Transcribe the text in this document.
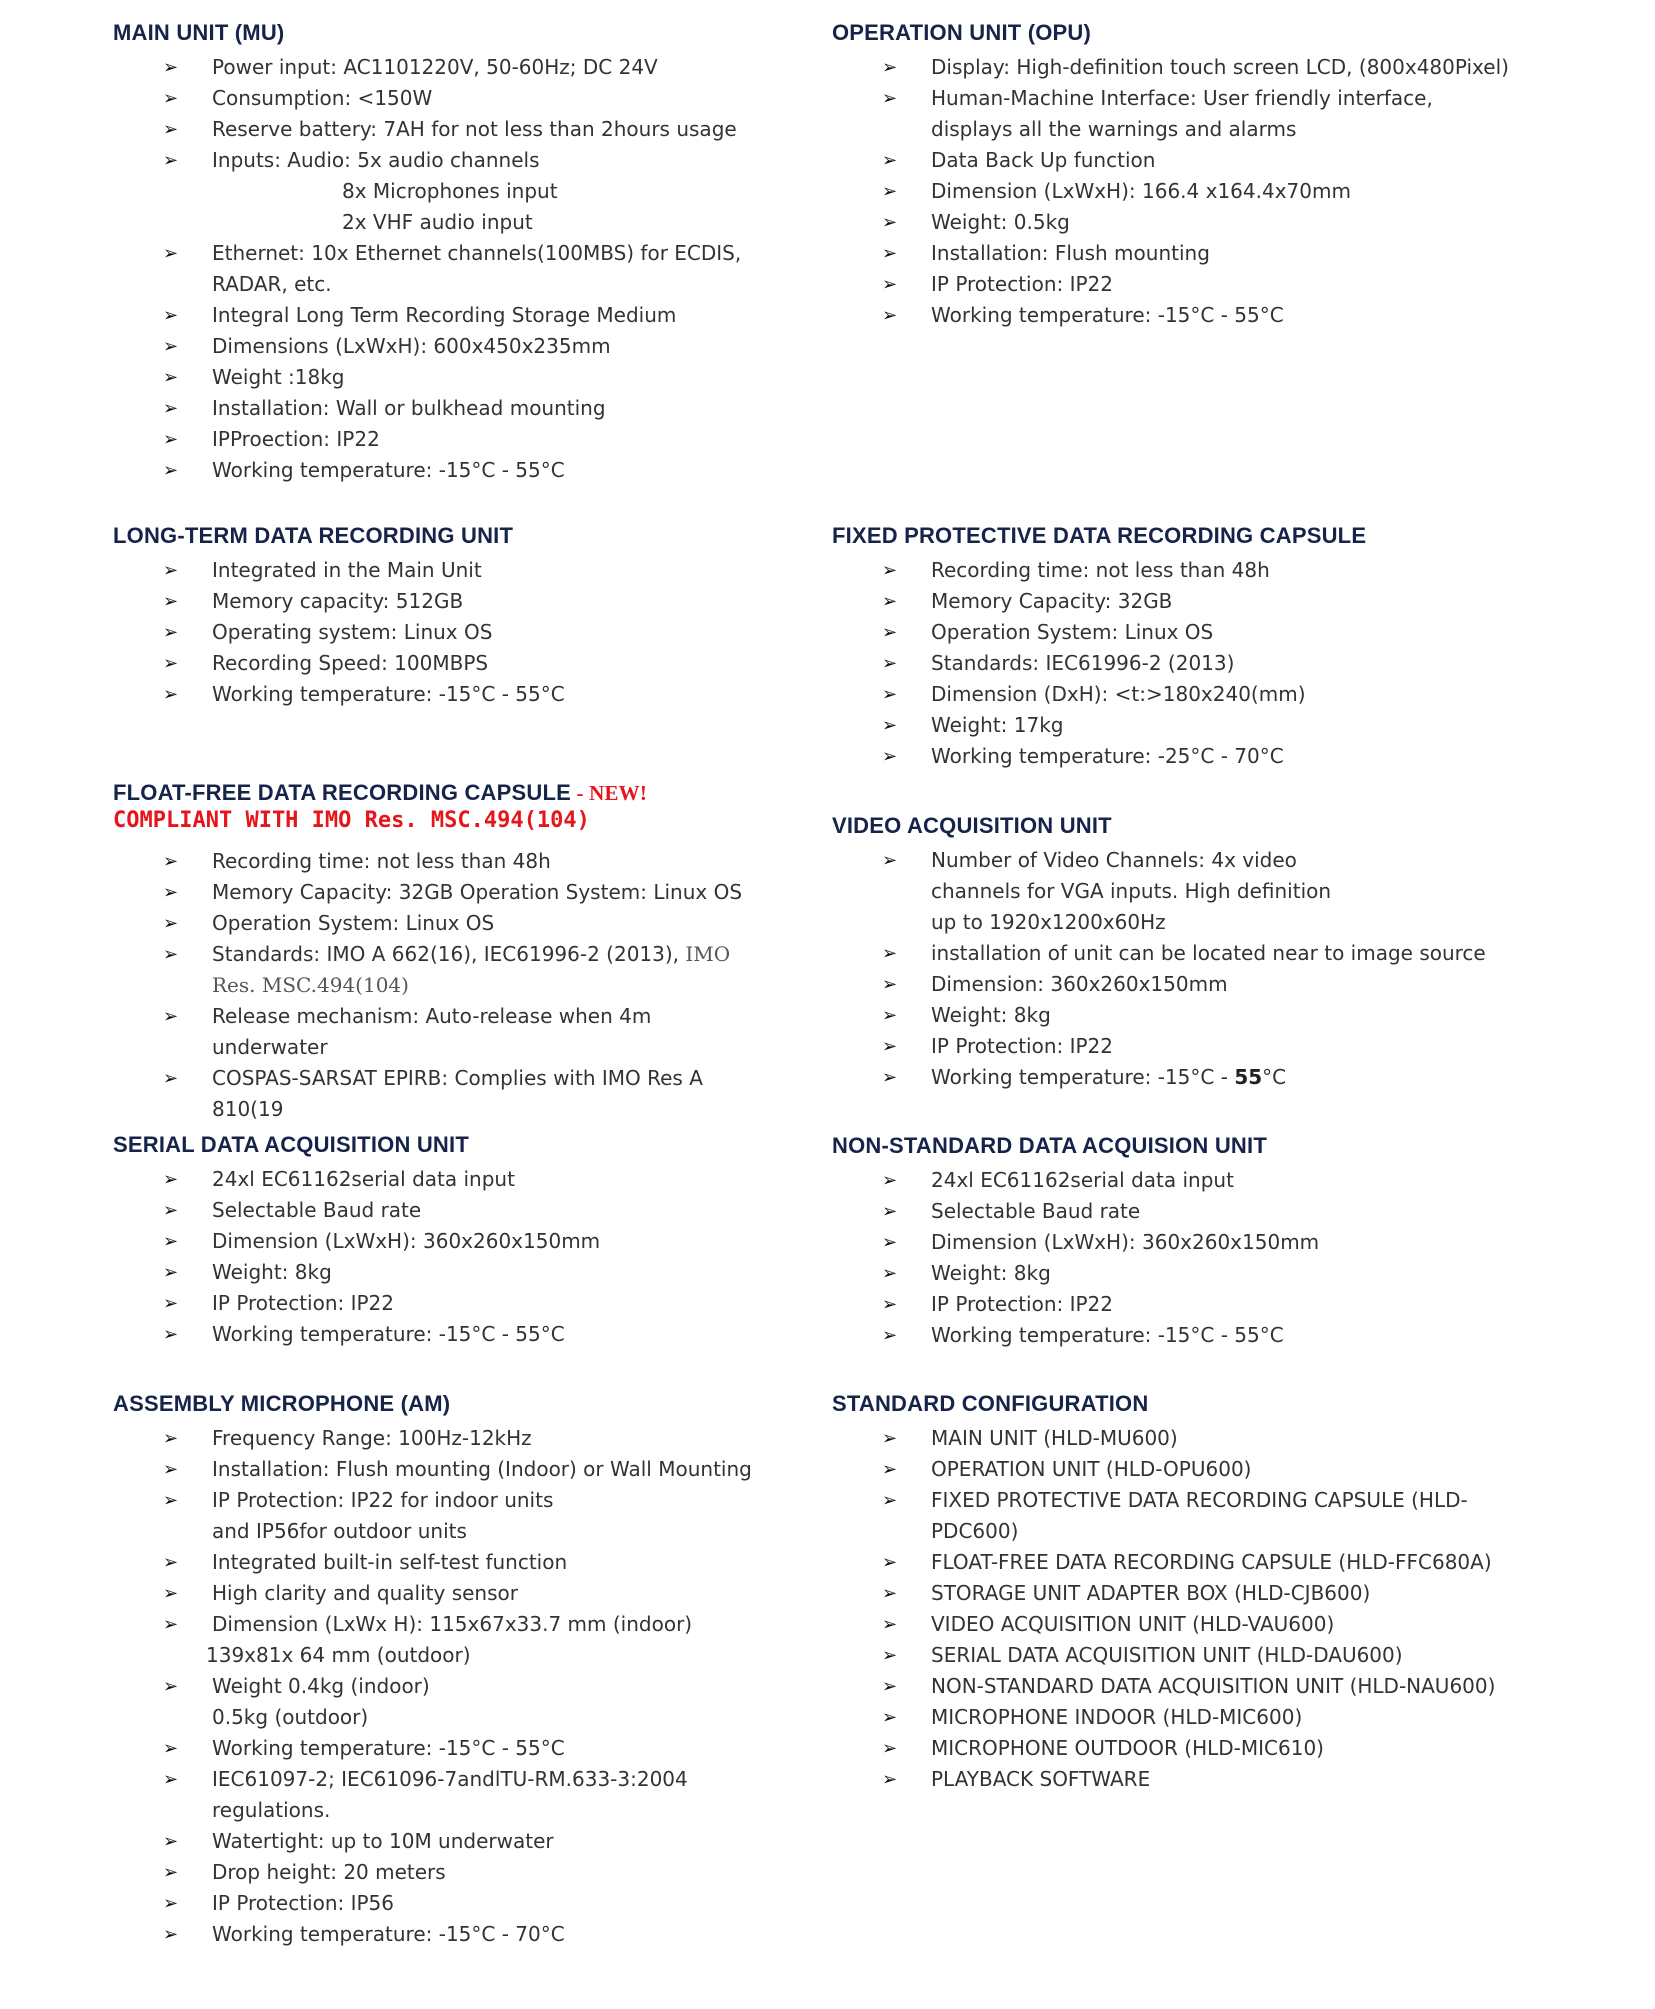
MAIN UNIT (MU)
➢ Power input: AC1101220V, 50-60Hz; DC 24V
➢ Consumption: <150W
➢ Reserve battery: 7AH for not less than 2hours usage
➢ Inputs: Audio: 5x audio channels
8x Microphones input
2x VHF audio input
➢ Ethernet: 10x Ethernet channels(100MBS) for ECDIS,
RADAR, etc.
➢ Integral Long Term Recording Storage Medium
➢ Dimensions (LxWxH): 600x450x235mm
➢ Weight :18kg
➢ Installation: Wall or bulkhead mounting
➢ IPProection: IP22
➢ Working temperature: -15°C - 55°C
LONG-TERM DATA RECORDING UNIT
➢ Integrated in the Main Unit
➢ Memory capacity: 512GB
➢ Operating system: Linux OS
➢ Recording Speed: 100MBPS
➢ Working temperature: -15°C - 55°C
FLOAT-FREE DATA RECORDING CAPSULE - NEW!
COMPLIANT WITH IMO Res. MSC.494(104)
➢ Recording time: not less than 48h
➢ Memory Capacity: 32GB Operation System: Linux OS
➢ Operation System: Linux OS
➢ Standards: IMO A 662(16), IEC61996-2 (2013), IMO
Res. MSC.494(104)
➢ Release mechanism: Auto-release when 4m
underwater
➢ COSPAS-SARSAT EPIRB: Complies with IMO Res A
810(19
SERIAL DATA ACQUISITION UNIT
➢ 24xl EC61162serial data input
➢ Selectable Baud rate
➢ Dimension (LxWxH): 360x260x150mm
➢ Weight: 8kg
➢ IP Protection: IP22
➢ Working temperature: -15°C - 55°C
ASSEMBLY MICROPHONE (AM)
➢ Frequency Range: 100Hz-12kHz
➢ Installation: Flush mounting (Indoor) or Wall Mounting
➢ IP Protection: IP22 for indoor units
and IP56for outdoor units
➢ Integrated built-in self-test function
➢ High clarity and quality sensor
➢ Dimension (LxWx H): 115x67x33.7 mm (indoor)
139x81x 64 mm (outdoor)
➢ Weight 0.4kg (indoor)
0.5kg (outdoor)
➢ Working temperature: -15°C - 55°C
➢ IEC61097-2; IEC61096-7andlTU-RM.633-3:2004
regulations.
➢ Watertight: up to 10M underwater
➢ Drop height: 20 meters
➢ IP Protection: IP56
➢ Working temperature: -15°C - 70°C
OPERATION UNIT (OPU)
➢ Display: High-definition touch screen LCD, (800x480Pixel)
➢ Human-Machine Interface: User friendly interface,
displays all the warnings and alarms
➢ Data Back Up function
➢ Dimension (LxWxH): 166.4 x164.4x70mm
➢ Weight: 0.5kg
➢ Installation: Flush mounting
➢ IP Protection: IP22
➢ Working temperature: -15°C - 55°C
FIXED PROTECTIVE DATA RECORDING CAPSULE
➢ Recording time: not less than 48h
➢ Memory Capacity: 32GB
➢ Operation System: Linux OS
➢ Standards: IEC61996-2 (2013)
➢ Dimension (DxH): <t:>180x240(mm)
➢ Weight: 17kg
➢ Working temperature: -25°C - 70°C
VIDEO ACQUISITION UNIT
➢ Number of Video Channels: 4x video
channels for VGA inputs. High definition
up to 1920x1200x60Hz
➢ installation of unit can be located near to image source
➢ Dimension: 360x260x150mm
➢ Weight: 8kg
➢ IP Protection: IP22
➢ Working temperature: -15°C - 55°C
NON-STANDARD DATA ACQUISION UNIT
➢ 24xl EC61162serial data input
➢ Selectable Baud rate
➢ Dimension (LxWxH): 360x260x150mm
➢ Weight: 8kg
➢ IP Protection: IP22
➢ Working temperature: -15°C - 55°C
STANDARD CONFIGURATION
➢ MAIN UNIT (HLD-MU600)
➢ OPERATION UNIT (HLD-OPU600)
➢ FIXED PROTECTIVE DATA RECORDING CAPSULE (HLD-
PDC600)
➢ FLOAT-FREE DATA RECORDING CAPSULE (HLD-FFC680A)
➢ STORAGE UNIT ADAPTER BOX (HLD-CJB600)
➢ VIDEO ACQUISITION UNIT (HLD-VAU600)
➢ SERIAL DATA ACQUISITION UNIT (HLD-DAU600)
➢ NON-STANDARD DATA ACQUISITION UNIT (HLD-NAU600)
➢ MICROPHONE INDOOR (HLD-MIC600)
➢ MICROPHONE OUTDOOR (HLD-MIC610)
➢ PLAYBACK SOFTWARE
